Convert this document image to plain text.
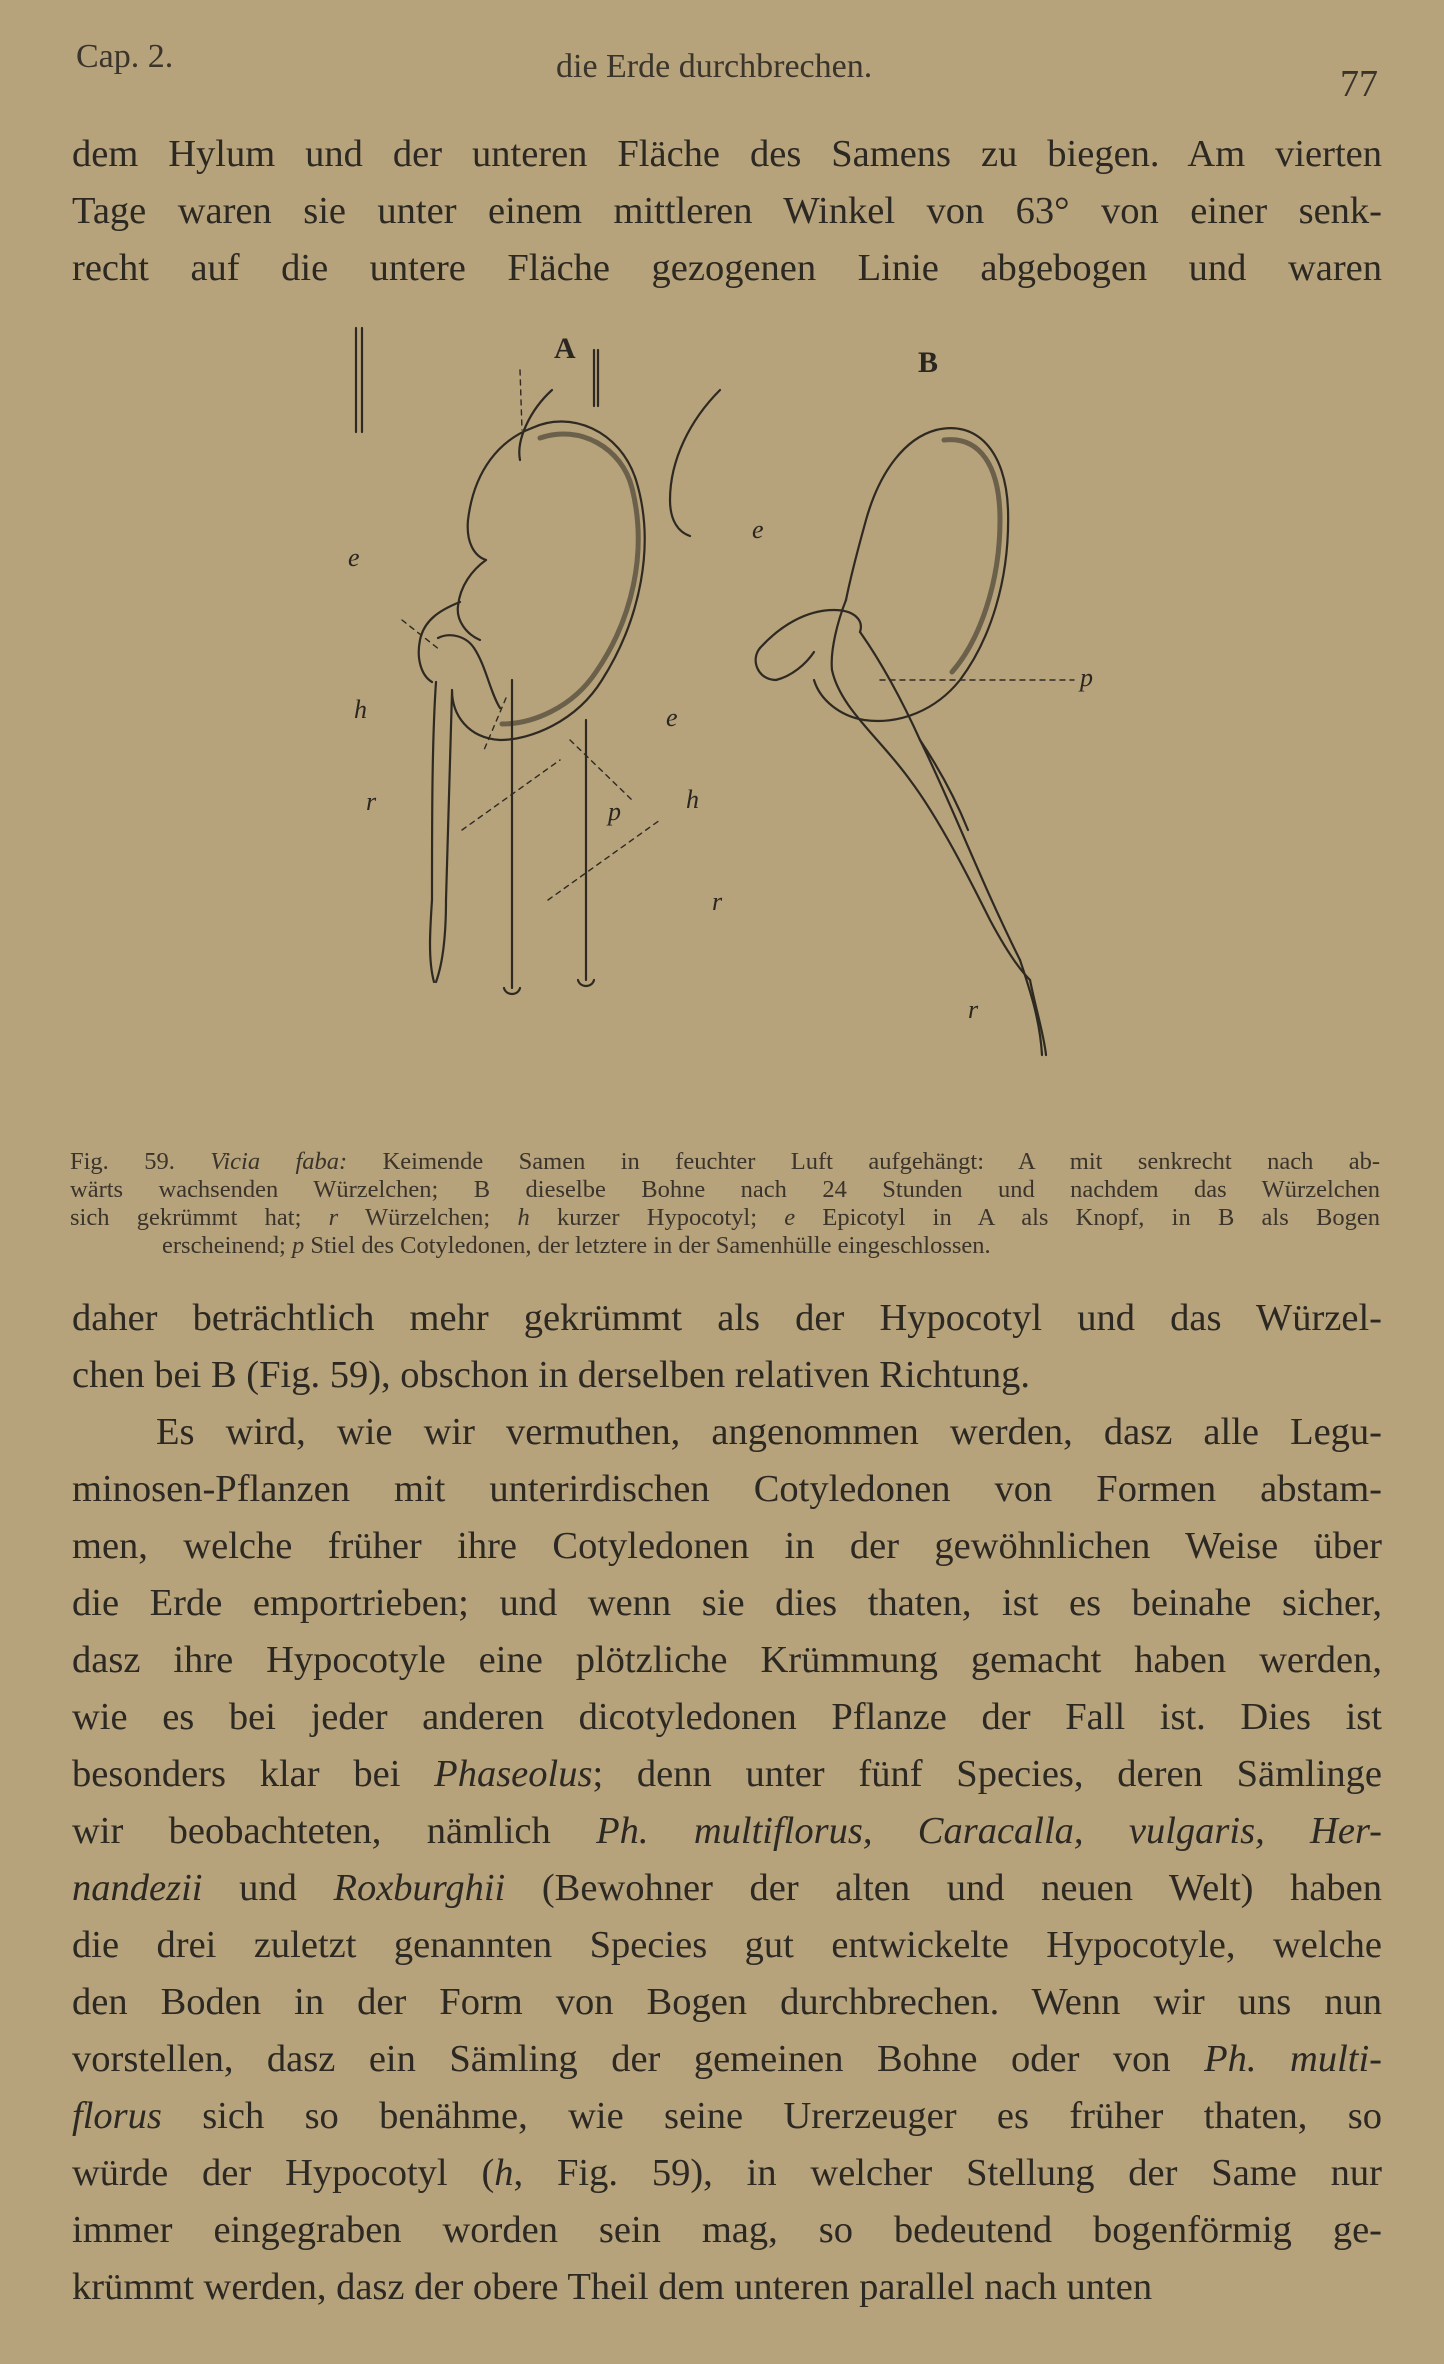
Cap. 2.	die Erde durchbrechen.	77
dem Hylum und der unteren Fläche des Samens zu biegen. Am vierten
Tage waren sie unter einem mittleren Winkel von 63° von einer senk-
recht auf die untere Fläche gezogenen Linie abgebogen und waren
A	B
e
h
r	p
e
e
h
r
r
p
Fig. 59. Vicia faba: Keimende Samen in feuchter Luft aufgehängt: A mit senkrecht nach ab-
wärts wachsenden Würzelchen; B dieselbe Bohne nach 24 Stunden und nachdem das Würzelchen
sich gekrümmt hat; r Würzelchen; h kurzer Hypocotyl; e Epicotyl in A als Knopf, in B als Bogen
erscheinend; p Stiel des Cotyledonen, der letztere in der Samenhülle eingeschlossen.
daher beträchtlich mehr gekrümmt als der Hypocotyl und das Würzel-
chen bei B (Fig. 59), obschon in derselben relativen Richtung.
Es wird, wie wir vermuthen, angenommen werden, dasz alle Legu-
minosen-Pflanzen mit unterirdischen Cotyledonen von Formen abstam-
men, welche früher ihre Cotyledonen in der gewöhnlichen Weise über
die Erde emportrieben; und wenn sie dies thaten, ist es beinahe sicher,
dasz ihre Hypocotyle eine plötzliche Krümmung gemacht haben werden,
wie es bei jeder anderen dicotyledonen Pflanze der Fall ist. Dies ist
besonders klar bei Phaseolus; denn unter fünf Species, deren Sämlinge
wir beobachteten, nämlich Ph. multiflorus, Caracalla, vulgaris, Her-
nandezii und Roxburghii (Bewohner der alten und neuen Welt) haben
die drei zuletzt genannten Species gut entwickelte Hypocotyle, welche
den Boden in der Form von Bogen durchbrechen. Wenn wir uns nun
vorstellen, dasz ein Sämling der gemeinen Bohne oder von Ph. multi-
florus sich so benähme, wie seine Urerzeuger es früher thaten, so
würde der Hypocotyl (h, Fig. 59), in welcher Stellung der Same nur
immer eingegraben worden sein mag, so bedeutend bogenförmig ge-
krümmt werden, dasz der obere Theil dem unteren parallel nach unten
